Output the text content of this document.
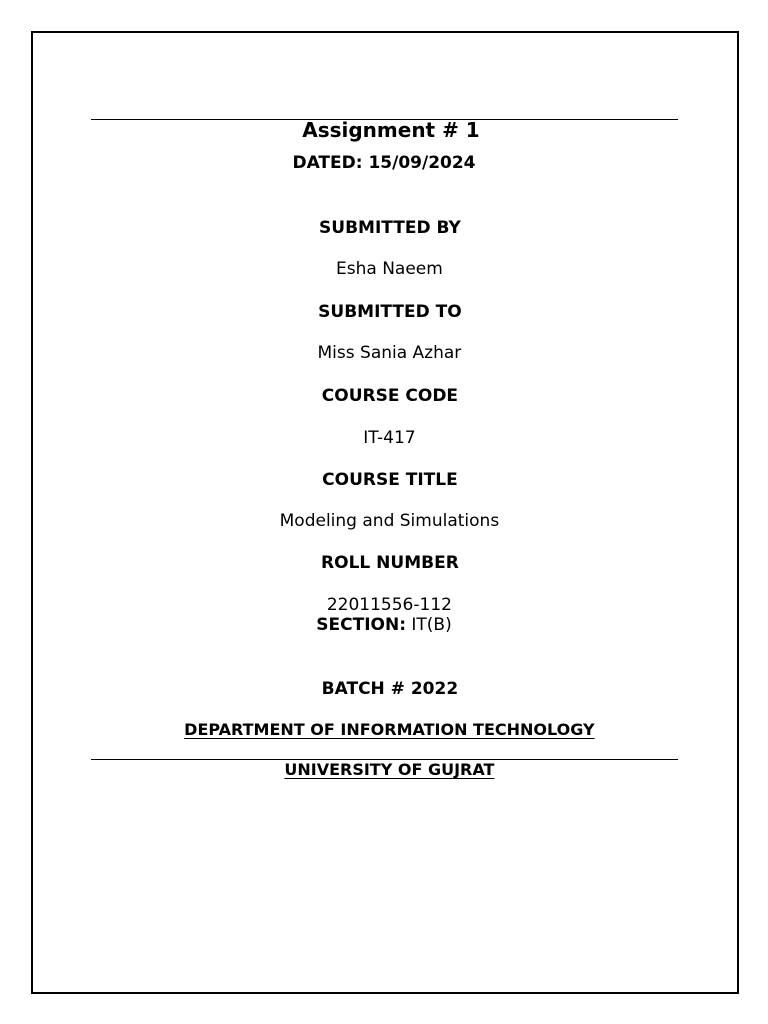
Assignment # 1

DATED: 15/09/2024

SUBMITTED BY

Esha Naeem

SUBMITTED TO

Miss Sania Azhar

COURSE CODE

IT-417

COURSE TITLE

Modeling and Simulations

ROLL NUMBER

22011556-112

SECTION: IT(B)

BATCH # 2022

DEPARTMENT OF INFORMATION TECHNOLOGY

UNIVERSITY OF GUJRAT
